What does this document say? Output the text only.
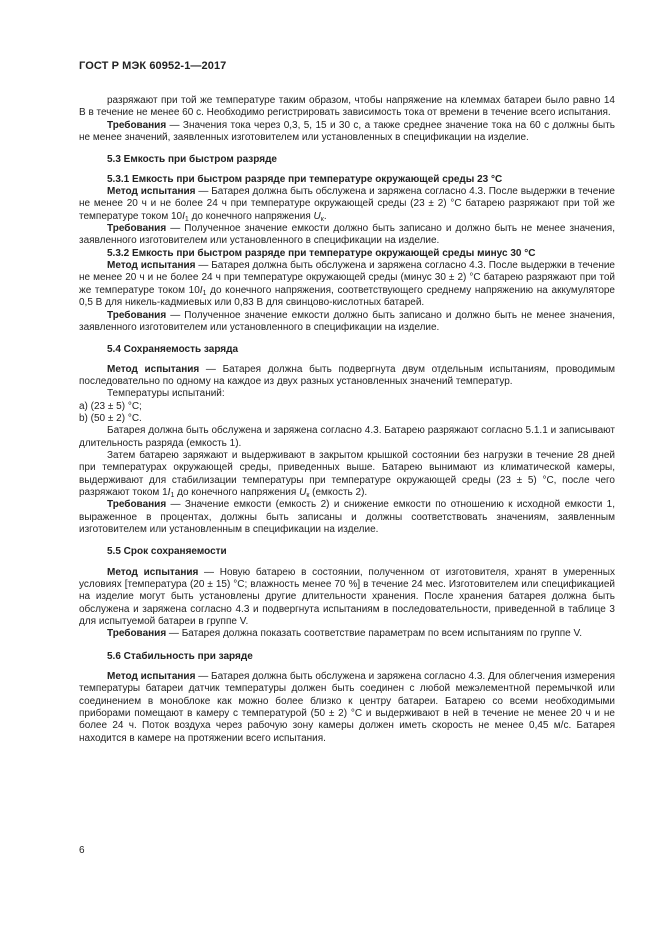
ГОСТ Р МЭК 60952-1—2017

разряжают при той же температуре таким образом, чтобы напряжение на клеммах батареи было равно 14 В в течение не менее 60 с. Необходимо регистрировать зависимость тока от времени в течение всего испытания.

Требования — Значения тока через 0,3, 5, 15 и 30 с, а также среднее значение тока на 60 с должны быть не менее значений, заявленных изготовителем или установленных в спецификации на изделие.

5.3 Емкость при быстром разряде
5.3.1 Емкость при быстром разряде при температуре окружающей среды 23 °С

Метод испытания — Батарея должна быть обслужена и заряжена согласно 4.3. После выдержки в течение не менее 20 ч и не более 24 ч при температуре окружающей среды (23 ± 2) °С батарею разряжают при той же температуре током $10I_1$ до конечного напряжения $U_к$.

Требования — Полученное значение емкости должно быть записано и должно быть не менее значения, заявленного изготовителем или установленного в спецификации на изделие.

5.3.2 Емкость при быстром разряде при температуре окружающей среды минус 30 °С

Метод испытания — Батарея должна быть обслужена и заряжена согласно 4.3. После выдержки в течение не менее 20 ч и не более 24 ч при температуре окружающей среды (минус 30 ± 2) °С батарею разряжают при той же температуре током $10I_1$ до конечного напряжения, соответствующего среднему напряжению на аккумуляторе 0,5 В для никель-кадмиевых или 0,83 В для свинцово-кислотных батарей.

Требования — Полученное значение емкости должно быть записано и должно быть не менее значения, заявленного изготовителем или установленного в спецификации на изделие.

5.4 Сохраняемость заряда

Метод испытания — Батарея должна быть подвергнута двум отдельным испытаниям, проводимым последовательно по одному на каждое из двух разных установленных значений температур.

Температуры испытаний:

a) (23 ± 5) °С;

b) (50 ± 2) °С.

Батарея должна быть обслужена и заряжена согласно 4.3. Батарею разряжают согласно 5.1.1 и записывают длительность разряда (емкость 1).

Затем батарею заряжают и выдерживают в закрытом крышкой состоянии без нагрузки в течение 28 дней при температурах окружающей среды, приведенных выше. Батарею вынимают из климатической камеры, выдерживают для стабилизации температуры при температуре окружающей среды (23 ± 5) °С, после чего разряжают током $1I_1$ до конечного напряжения $U_к$ (емкость 2).

Требования — Значение емкости (емкость 2) и снижение емкости по отношению к исходной емкости 1, выраженное в процентах, должны быть записаны и должны соответствовать значениям, заявленным изготовителем или установленным в спецификации на изделие.

5.5 Срок сохраняемости

Метод испытания — Новую батарею в состоянии, полученном от изготовителя, хранят в умеренных условиях [температура (20 ± 15) °С; влажность менее 70 %] в течение 24 мес. Изготовителем или спецификацией на изделие могут быть установлены другие длительности хранения. После хранения батарея должна быть обслужена и заряжена согласно 4.3 и подвергнута испытаниям в последовательности, приведенной в таблице 3 для испытуемой батареи в группе V.

Требования — Батарея должна показать соответствие параметрам по всем испытаниям по группе V.

5.6 Стабильность при заряде

Метод испытания — Батарея должна быть обслужена и заряжена согласно 4.3. Для облегчения измерения температуры батареи датчик температуры должен быть соединен с любой межэлементной перемычкой или соединением в моноблоке как можно более близко к центру батареи. Батарею со всеми необходимыми приборами помещают в камеру с температурой (50 ± 2) °С и выдерживают в ней в течение не менее 20 ч и не более 24 ч. Поток воздуха через рабочую зону камеры должен иметь скорость не менее 0,45 м/с. Батарея находится в камере на протяжении всего испытания.

6
